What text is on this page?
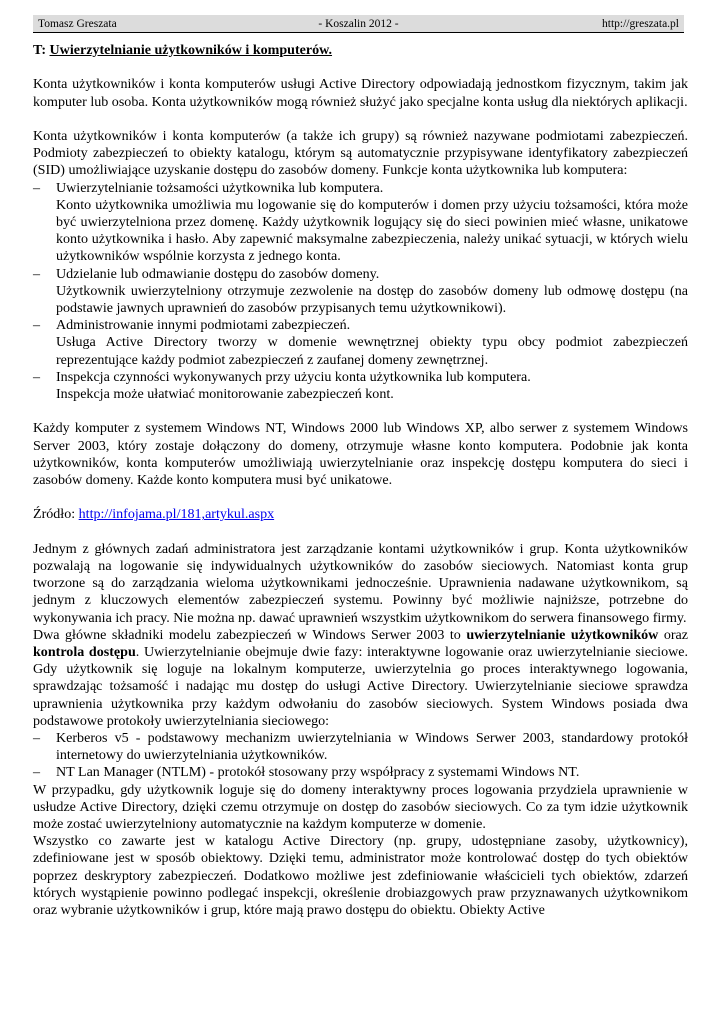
Tomasz Greszata	- Koszalin 2012 -	http://greszata.pl

T: Uwierzytelnianie użytkowników i komputerów.

Konta użytkowników i konta komputerów usługi Active Directory odpowiadają jednostkom fizycznym, takim jak komputer lub osoba. Konta użytkowników mogą również służyć jako specjalne konta usług dla niektórych aplikacji.

Konta użytkowników i konta komputerów (a także ich grupy) są również nazywane podmiotami zabezpieczeń. Podmioty zabezpieczeń to obiekty katalogu, którym są automatycznie przypisywane identyfikatory zabezpieczeń (SID) umożliwiające uzyskanie dostępu do zasobów domeny. Funkcje konta użytkownika lub komputera:

– Uwierzytelnianie tożsamości użytkownika lub komputera.
Konto użytkownika umożliwia mu logowanie się do komputerów i domen przy użyciu tożsamości, która może być uwierzytelniona przez domenę. Każdy użytkownik logujący się do sieci powinien mieć własne, unikatowe konto użytkownika i hasło. Aby zapewnić maksymalne zabezpieczenia, należy unikać sytuacji, w których wielu użytkowników wspólnie korzysta z jednego konta.
– Udzielanie lub odmawianie dostępu do zasobów domeny.
Użytkownik uwierzytelniony otrzymuje zezwolenie na dostęp do zasobów domeny lub odmowę dostępu (na podstawie jawnych uprawnień do zasobów przypisanych temu użytkownikowi).
– Administrowanie innymi podmiotami zabezpieczeń.
Usługa Active Directory tworzy w domenie wewnętrznej obiekty typu obcy podmiot zabezpieczeń reprezentujące każdy podmiot zabezpieczeń z zaufanej domeny zewnętrznej.
– Inspekcja czynności wykonywanych przy użyciu konta użytkownika lub komputera.
Inspekcja może ułatwiać monitorowanie zabezpieczeń kont.

Każdy komputer z systemem Windows NT, Windows 2000 lub Windows XP, albo serwer z systemem Windows Server 2003, który zostaje dołączony do domeny, otrzymuje własne konto komputera. Podobnie jak konta użytkowników, konta komputerów umożliwiają uwierzytelnianie oraz inspekcję dostępu komputera do sieci i zasobów domeny. Każde konto komputera musi być unikatowe.

Źródło: http://infojama.pl/181,artykul.aspx

Jednym z głównych zadań administratora jest zarządzanie kontami użytkowników i grup. Konta użytkowników pozwalają na logowanie się indywidualnych użytkowników do zasobów sieciowych. Natomiast konta grup tworzone są do zarządzania wieloma użytkownikami jednocześnie. Uprawnienia nadawane użytkownikom, są jednym z kluczowych elementów zabezpieczeń systemu. Powinny być możliwie najniższe, potrzebne do wykonywania ich pracy. Nie można np. dawać uprawnień wszystkim użytkownikom do serwera finansowego firmy.

Dwa główne składniki modelu zabezpieczeń w Windows Serwer 2003 to uwierzytelnianie użytkowników oraz kontrola dostępu. Uwierzytelnianie obejmuje dwie fazy: interaktywne logowanie oraz uwierzytelnianie sieciowe. Gdy użytkownik się loguje na lokalnym komputerze, uwierzytelnia go proces interaktywnego logowania, sprawdzając tożsamość i nadając mu dostęp do usługi Active Directory. Uwierzytelnianie sieciowe sprawdza uprawnienia użytkownika przy każdym odwołaniu do zasobów sieciowych. System Windows posiada dwa podstawowe protokoły uwierzytelniania sieciowego:

– Kerberos v5 - podstawowy mechanizm uwierzytelniania w Windows Serwer 2003, standardowy protokół internetowy do uwierzytelniania użytkowników.
– NT Lan Manager (NTLM) - protokół stosowany przy współpracy z systemami Windows NT.

W przypadku, gdy użytkownik loguje się do domeny interaktywny proces logowania przydziela uprawnienie w usłudze Active Directory, dzięki czemu otrzymuje on dostęp do zasobów sieciowych. Co za tym idzie użytkownik może zostać uwierzytelniony automatycznie na każdym komputerze w domenie.

Wszystko co zawarte jest w katalogu Active Directory (np. grupy, udostępniane zasoby, użytkownicy), zdefiniowane jest w sposób obiektowy. Dzięki temu, administrator może kontrolować dostęp do tych obiektów poprzez deskryptory zabezpieczeń. Dodatkowo możliwe jest zdefiniowanie właścicieli tych obiektów, zdarzeń których wystąpienie powinno podlegać inspekcji, określenie drobiazgowych praw przyznawanych użytkownikom oraz wybranie użytkowników i grup, które mają prawo dostępu do obiektu. Obiekty Active
